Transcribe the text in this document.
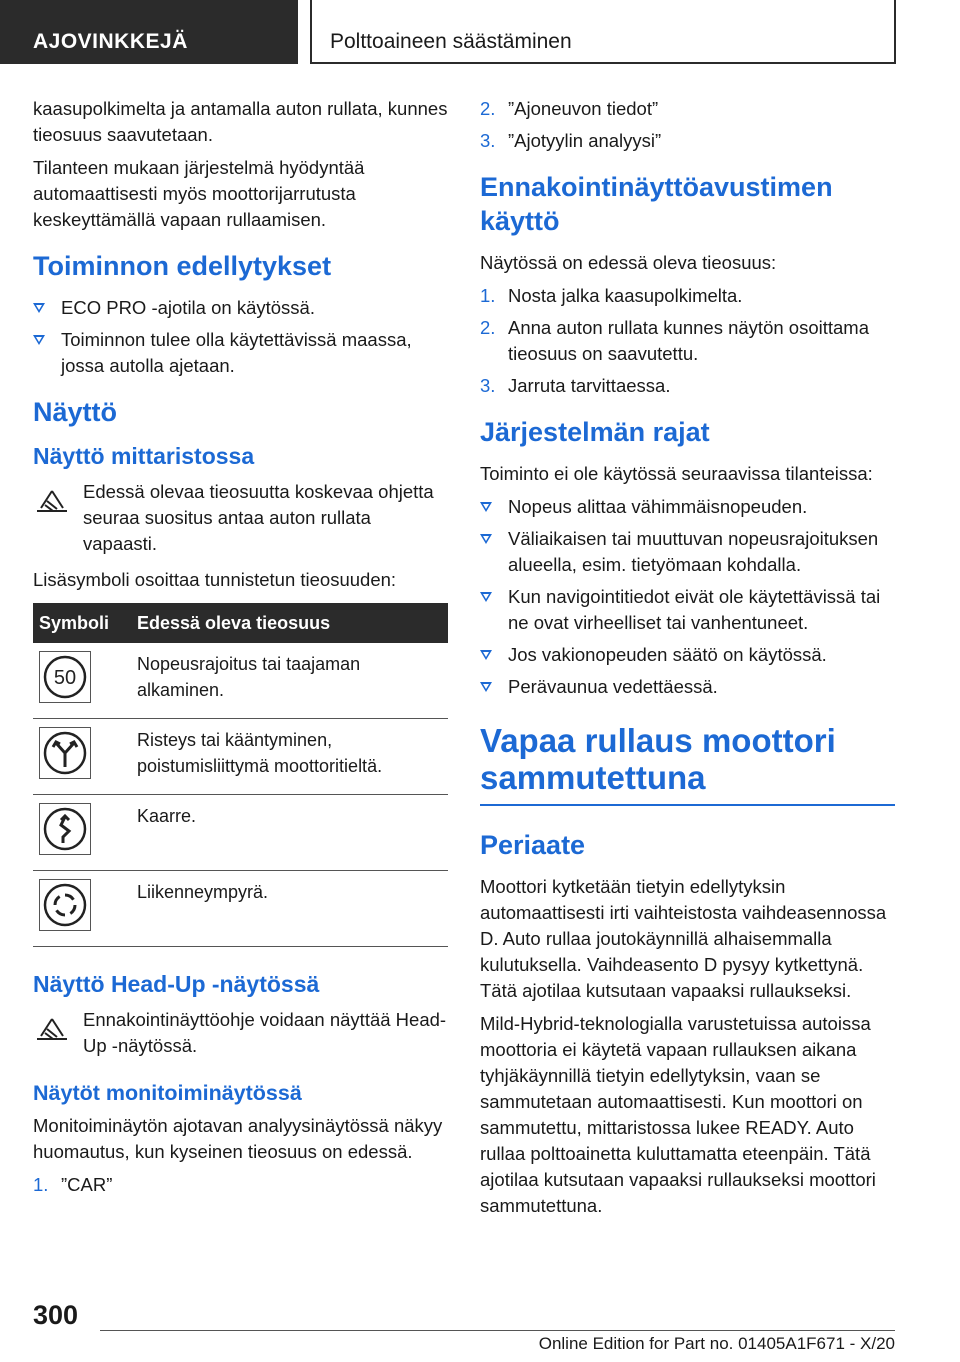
AJOVINKKEJÄ	Polttoaineen säästäminen

kaasupolkimelta ja antamalla auton rullata, kunnes tieosuus saavutetaan.

Tilanteen mukaan järjestelmä hyödyntää automaattisesti myös moottorijarrutusta keskeyttämällä vapaan rullaamisen.

Toiminnon edellytykset
ECO PRO -ajotila on käytössä.
Toiminnon tulee olla käytettävissä maassa, jossa autolla ajetaan.
Näyttö
Näyttö mittaristossa
Edessä olevaa tieosuutta koskevaa ohjetta seuraa suositus antaa auton rullata vapaasti.

Lisäsymboli osoittaa tunnistetun tieosuuden:

Symboli	Edessä oleva tieosuus

50	Nopeusrajoitus tai taajaman alkaminen.

	Risteys tai kääntyminen, poistumisliittymä moottoritieltä.

	Kaarre.

	Liikenneympyrä.
Näyttö Head-Up -näytössä
Ennakointinäyttöohje voidaan näyttää Head-Up -näytössä.
Näytöt monitoiminäytössä

Monitoiminäytön ajotavan analyysinäytössä näkyy huomautus, kun kyseinen tieosuus on edessä.

1. ”CAR”
2. ”Ajoneuvon tiedot”
3. ”Ajotyylin analyysi”
Ennakointinäyttöavustimen käyttö

Näytössä on edessä oleva tieosuus:

1. Nosta jalka kaasupolkimelta.
2. Anna auton rullata kunnes näytön osoittama tieosuus on saavutettu.
3. Jarruta tarvittaessa.
Järjestelmän rajat

Toiminto ei ole käytössä seuraavissa tilanteissa:

Nopeus alittaa vähimmäisnopeuden.
Väliaikaisen tai muuttuvan nopeusrajoituksen alueella, esim. tietyömaan kohdalla.
Kun navigointitiedot eivät ole käytettävissä tai ne ovat virheelliset tai vanhentuneet.
Jos vakionopeuden säätö on käytössä.
Perävaunua vedettäessä.
Vapaa rullaus moottori sammutettuna
Periaate

Moottori kytketään tietyin edellytyksin automaattisesti irti vaihteistosta vaihdeasennossa D. Auto rullaa joutokäynnillä alhaisemmalla kulutuksella. Vaihdeasento D pysyy kytkettynä. Tätä ajotilaa kutsutaan vapaaksi rullaukseksi.

Mild-Hybrid-teknologialla varustetuissa autoissa moottoria ei käytetä vapaan rullauksen aikana tyhjäkäynnillä tietyin edellytyksin, vaan se sammutetaan automaattisesti. Kun moottori on sammutettu, mittaristossa lukee READY. Auto rullaa polttoainetta kuluttamatta eteenpäin. Tätä ajotilaa kutsutaan vapaaksi rullaukseksi moottori sammutettuna.

300
Online Edition for Part no. 01405A1F671 - X/20
